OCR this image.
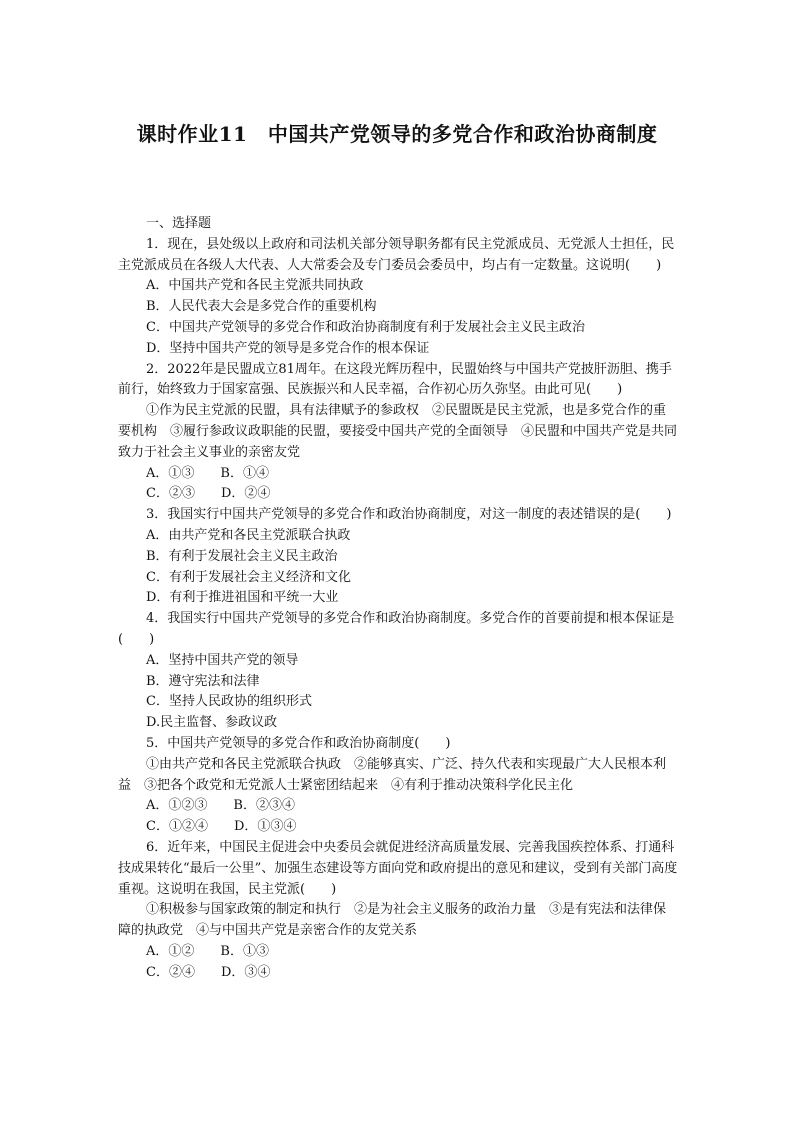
课时作业11　中国共产党领导的多党合作和政治协商制度

一、选择题

1．现在，县处级以上政府和司法机关部分领导职务都有民主党派成员、无党派人士担任，民主党派成员在各级人大代表、人大常委会及专门委员会委员中，均占有一定数量。这说明(　　)

A．中国共产党和各民主党派共同执政

B．人民代表大会是多党合作的重要机构

C．中国共产党领导的多党合作和政治协商制度有利于发展社会主义民主政治

D．坚持中国共产党的领导是多党合作的根本保证

2．2022年是民盟成立81周年。在这段光辉历程中，民盟始终与中国共产党披肝沥胆、携手前行，始终致力于国家富强、民族振兴和人民幸福，合作初心历久弥坚。由此可见(　　)

①作为民主党派的民盟，具有法律赋予的参政权　②民盟既是民主党派，也是多党合作的重要机构　③履行参政议政职能的民盟，要接受中国共产党的全面领导　④民盟和中国共产党是共同致力于社会主义事业的亲密友党

A．①③　　B．①④

C．②③　　D．②④

3．我国实行中国共产党领导的多党合作和政治协商制度，对这一制度的表述错误的是(　　)

A．由共产党和各民主党派联合执政

B．有利于发展社会主义民主政治

C．有利于发展社会主义经济和文化

D．有利于推进祖国和平统一大业

4．我国实行中国共产党领导的多党合作和政治协商制度。多党合作的首要前提和根本保证是(　　)

A．坚持中国共产党的领导

B．遵守宪法和法律

C．坚持人民政协的组织形式

D.民主监督、参政议政

5．中国共产党领导的多党合作和政治协商制度(　　)

①由共产党和各民主党派联合执政　②能够真实、广泛、持久代表和实现最广大人民根本利益　③把各个政党和无党派人士紧密团结起来　④有利于推动决策科学化民主化

A．①②③　　B．②③④

C．①②④　　D．①③④

6．近年来，中国民主促进会中央委员会就促进经济高质量发展、完善我国疾控体系、打通科技成果转化“最后一公里”、加强生态建设等方面向党和政府提出的意见和建议，受到有关部门高度重视。这说明在我国，民主党派(　　)

①积极参与国家政策的制定和执行　②是为社会主义服务的政治力量　③是有宪法和法律保障的执政党　④与中国共产党是亲密合作的友党关系

A．①②　　B．①③

C．②④　　D．③④
